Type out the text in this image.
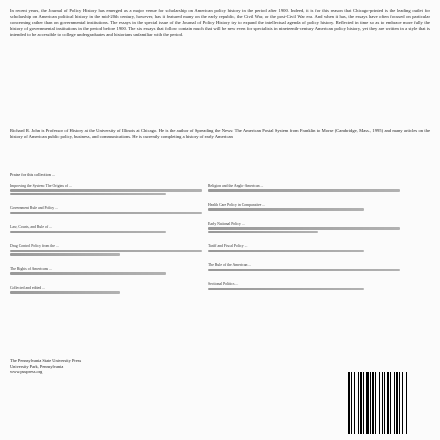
In recent years, the Journal of Policy History has emerged as a major venue for scholarship on American policy history in the period after 1900. Indeed, it is for this reason that Chicago-printed is the leading outlet for scholarship on American political history in the mid-20th century, however, has it featured many on the early republic, the Civil War, or the post-Civil War era. And when it has, the essays have often focused on particular concerning rather than on governmental institutions. The essays in the special issue of the Journal of Policy History try to expand the intellectual agenda of policy history. Reflected in time so as to embrace more fully the history of governmental institutions in the period before 1900. The six essays that follow contain much that will be new even for specialists in nineteenth-century American policy history, yet they are written in a style that is intended to be accessible to college undergraduates and historians unfamiliar with the period.

Richard R. John is Professor of History at the University of Illinois at Chicago. He is the author of Spreading the News: The American Postal System from Franklin to Morse (Cambridge, Mass., 1995) and many articles on the history of American public policy, business, and communications. He is currently completing a history of early American

Praise for this collection ...
Improving the System: The Origins of ...
Government Rule and Policy ...
Law, Courts, and Rule of ...
Drug Control Policy from the ...
The Rights of Americans ...
Collected and edited ...
Religion and the Anglo-American ...
Health Care Policy in Comparative ...
Early National Policy ...
Tariff and Fiscal Policy ...
The Rule of the American ...
Sectional Politics ...
The Pennsylvania State University Press
University Park, Pennsylvania
www.psupress.org
